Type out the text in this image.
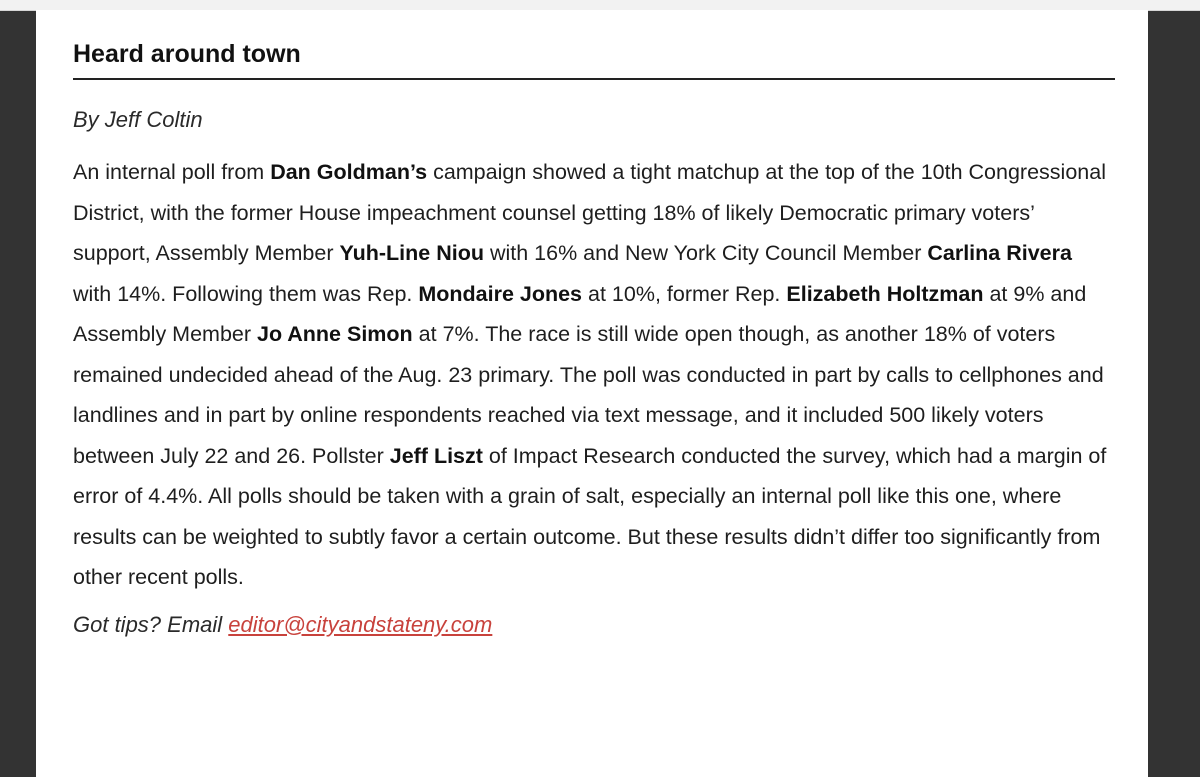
Heard around town

By Jeff Coltin

An internal poll from Dan Goldman’s campaign showed a tight matchup at the top of the 10th Congressional District, with the former House impeachment counsel getting 18% of likely Democratic primary voters’ support, Assembly Member Yuh-Line Niou with 16% and New York City Council Member Carlina Rivera with 14%. Following them was Rep. Mondaire Jones at 10%, former Rep. Elizabeth Holtzman at 9% and Assembly Member Jo Anne Simon at 7%. The race is still wide open though, as another 18% of voters remained undecided ahead of the Aug. 23 primary. The poll was conducted in part by calls to cellphones and landlines and in part by online respondents reached via text message, and it included 500 likely voters between July 22 and 26. Pollster Jeff Liszt of Impact Research conducted the survey, which had a margin of error of 4.4%. All polls should be taken with a grain of salt, especially an internal poll like this one, where results can be weighted to subtly favor a certain outcome. But these results didn’t differ too significantly from other recent polls.

Got tips? Email editor@cityandstateny.com
